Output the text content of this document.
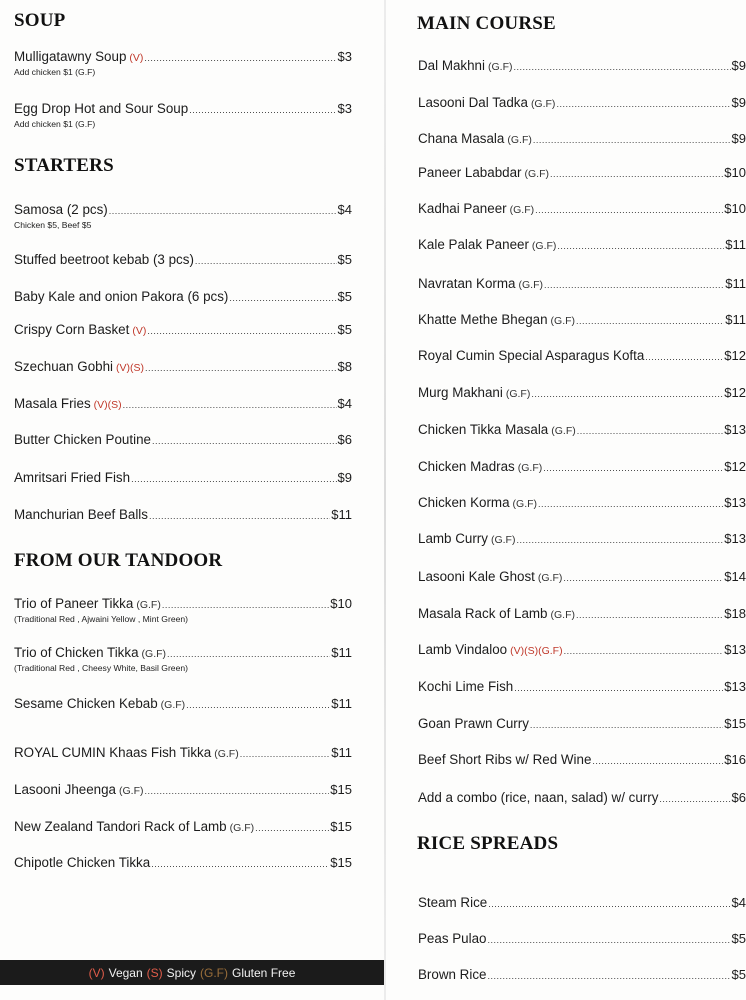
SOUP
Mulligatawny Soup (V) .....	$3
Add chicken $1 (G.F)
Egg Drop Hot and Sour Soup .....	$3
Add chicken $1 (G.F)
STARTERS
Samosa (2 pcs) .....	$4
Chicken $5, Beef $5
Stuffed beetroot kebab (3 pcs) .....	$5
Baby Kale and onion Pakora (6 pcs) .....	$5
Crispy Corn Basket (V) .....	$5
Szechuan Gobhi (V)(S) .....	$8
Masala Fries (V)(S) .....	$4
Butter Chicken Poutine .....	$6
Amritsari Fried Fish .....	$9
Manchurian Beef Balls .....	$11
FROM OUR TANDOOR
Trio of Paneer Tikka (G.F) .....	$10
(Traditional Red , Ajwaini Yellow , Mint Green)
Trio of Chicken Tikka (G.F) .....	$11
(Traditional Red , Cheesy White, Basil Green)
Sesame Chicken Kebab (G.F) .....	$11
ROYAL CUMIN Khaas Fish Tikka (G.F) .....	$11
Lasooni Jheenga (G.F) .....	$15
New Zealand Tandori Rack of Lamb (G.F) .....	$15
Chipotle Chicken Tikka .....	$15
(V) Vegan (S) Spicy (G.F) Gluten Free
MAIN COURSE
Dal Makhni (G.F) .....	$9
Lasooni Dal Tadka (G.F) .....	$9
Chana Masala (G.F) .....	$9
Paneer Lababdar (G.F) .....	$10
Kadhai Paneer (G.F) .....	$10
Kale Palak Paneer (G.F) .....	$11
Navratan Korma (G.F) .....	$11
Khatte Methe Bhegan (G.F) .....	$11
Royal Cumin Special Asparagus Kofta .....	$12
Murg Makhani (G.F) .....	$12
Chicken Tikka Masala (G.F) .....	$13
Chicken Madras (G.F) .....	$12
Chicken Korma (G.F) .....	$13
Lamb Curry (G.F) .....	$13
Lasooni Kale Ghost (G.F) .....	$14
Masala Rack of Lamb (G.F) .....	$18
Lamb Vindaloo (V)(S)(G.F) .....	$13
Kochi Lime Fish .....	$13
Goan Prawn Curry .....	$15
Beef Short Ribs w/ Red Wine .....	$16
Add a combo (rice, naan, salad) w/ curry .....	$6
RICE SPREADS
Steam Rice .....	$4
Peas Pulao .....	$5
Brown Rice .....	$5
